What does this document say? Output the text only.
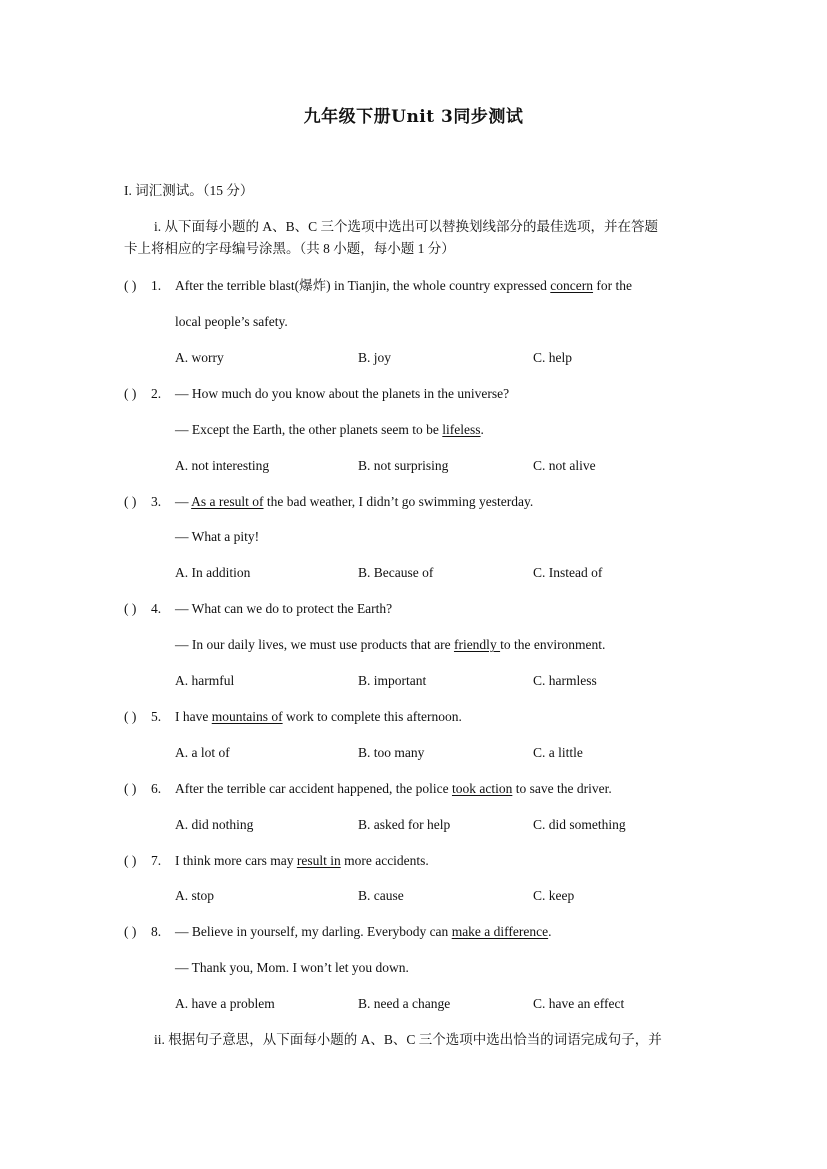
九年级下册Unit 3同步测试
I. 词汇测试。（15 分）
i. 从下面每小题的 A、B、C 三个选项中选出可以替换划线部分的最佳选项，并在答题
卡上将相应的字母编号涂黑。（共 8 小题，每小题 1 分）
( ) 1. After the terrible blast(爆炸) in Tianjin, the whole country expressed concern for the
local people’s safety.
A. worry	B. joy	C. help
( ) 2. — How much do you know about the planets in the universe?
— Except the Earth, the other planets seem to be lifeless.
A. not interesting	B. not surprising	C. not alive
( ) 3. — As a result of the bad weather, I didn’t go swimming yesterday.
— What a pity!
A. In addition	B. Because of	C. Instead of
( ) 4. — What can we do to protect the Earth?
— In our daily lives, we must use products that are friendly to the environment.
A. harmful	B. important	C. harmless
( ) 5. I have mountains of work to complete this afternoon.
A. a lot of	B. too many	C. a little
( ) 6. After the terrible car accident happened, the police took action to save the driver.
A. did nothing	B. asked for help	C. did something
( ) 7. I think more cars may result in more accidents.
A. stop	B. cause	C. keep
( ) 8. — Believe in yourself, my darling. Everybody can make a difference.
— Thank you, Mom. I won’t let you down.
A. have a problem	B. need a change	C. have an effect
ii. 根据句子意思，从下面每小题的 A、B、C 三个选项中选出恰当的词语完成句子，并
